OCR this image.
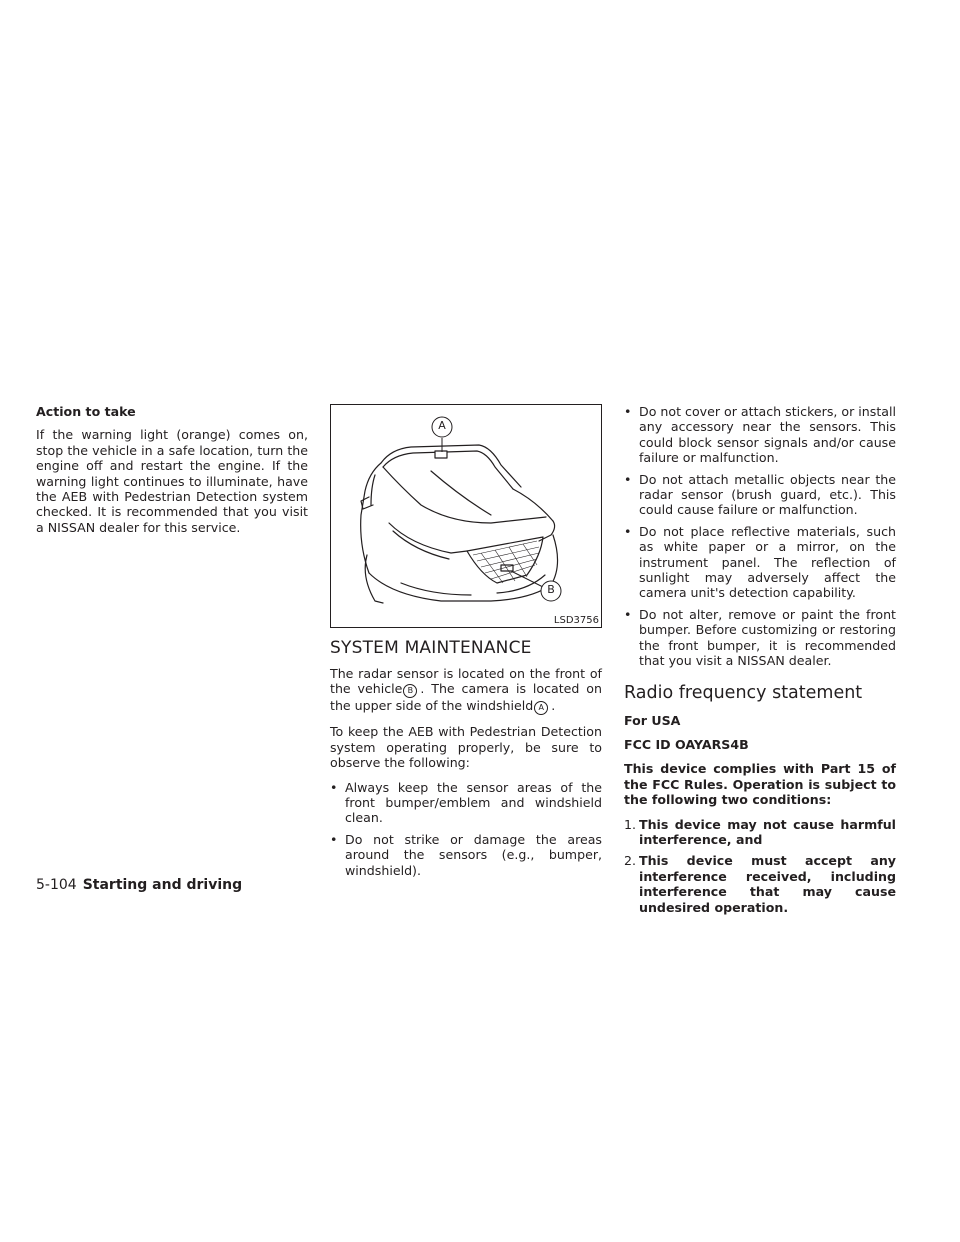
Action to take

If the warning light (orange) comes on, stop the vehicle in a safe location, turn the engine off and restart the engine. If the warning light continues to illuminate, have the AEB with Pedestrian Detection system checked. It is recommended that you visit a NISSAN dealer for this service.

A
B
LSD3756
SYSTEM MAINTENANCE

The radar sensor is located on the front of the vehicle B . The camera is located on the upper side of the windshield A .

To keep the AEB with Pedestrian Detection system operating properly, be sure to observe the following:

• Always keep the sensor areas of the front bumper/emblem and windshield clean.
• Do not strike or damage the areas around the sensors (e.g., bumper, windshield).
• Do not cover or attach stickers, or install any accessory near the sensors. This could block sensor signals and/or cause failure or malfunction.
• Do not attach metallic objects near the radar sensor (brush guard, etc.). This could cause failure or malfunction.
• Do not place reflective materials, such as white paper or a mirror, on the instrument panel. The reflection of sunlight may adversely affect the camera unit's detection capability.
• Do not alter, remove or paint the front bumper. Before customizing or restoring the front bumper, it is recommended that you visit a NISSAN dealer.
Radio frequency statement

For USA

FCC ID OAYARS4B

This device complies with Part 15 of the FCC Rules. Operation is subject to the following two conditions:

1. This device may not cause harmful interference, and
2. This device must accept any interference received, including interference that may cause undesired operation.
5-104 Starting and driving
